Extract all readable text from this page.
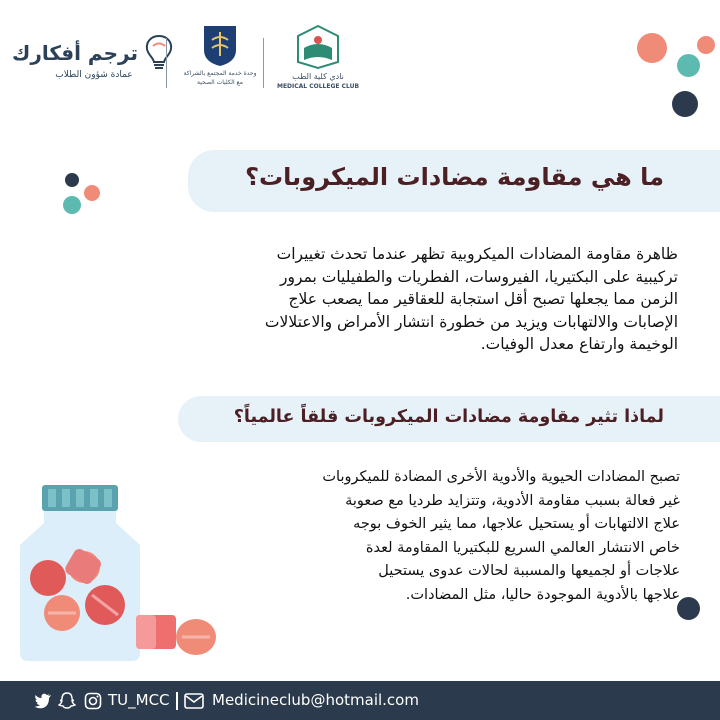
ترجم أفكارك
عمادة شؤون الطلاب	وحدة خدمة المجتمع بالشراكة
مع الكليات الصحية
نادي كلية الطب
MEDICAL COLLEGE CLUB
ما هي مقاومة مضادات الميكروبات؟
ظاهرة مقاومة المضادات الميكروبية تظهر عندما تحدث تغييرات
تركيبية على البكتيريا، الفيروسات، الفطريات والطفيليات بمرور
الزمن مما يجعلها تصبح أقل استجابة للعقاقير مما يصعب علاج
الإصابات والالتهابات ويزيد من خطورة انتشار الأمراض والاعتلالات
الوخيمة وارتفاع معدل الوفيات.
لماذا تثير مقاومة مضادات الميكروبات قلقاً عالمياً؟
تصبح المضادات الحيوية والأدوية الأخرى المضادة للميكروبات
غير فعالة بسبب مقاومة الأدوية، وتتزايد طرديا مع صعوبة
علاج الالتهابات أو يستحيل علاجها، مما يثير الخوف بوجه
خاص الانتشار العالمي السريع للبكتيريا المقاومة لعدة
علاجات أو لجميعها والمسببة لحالات عدوى يستحيل
علاجها بالأدوية الموجودة حاليا، مثل المضادات.
TU_MCC	Medicineclub@hotmail.com
